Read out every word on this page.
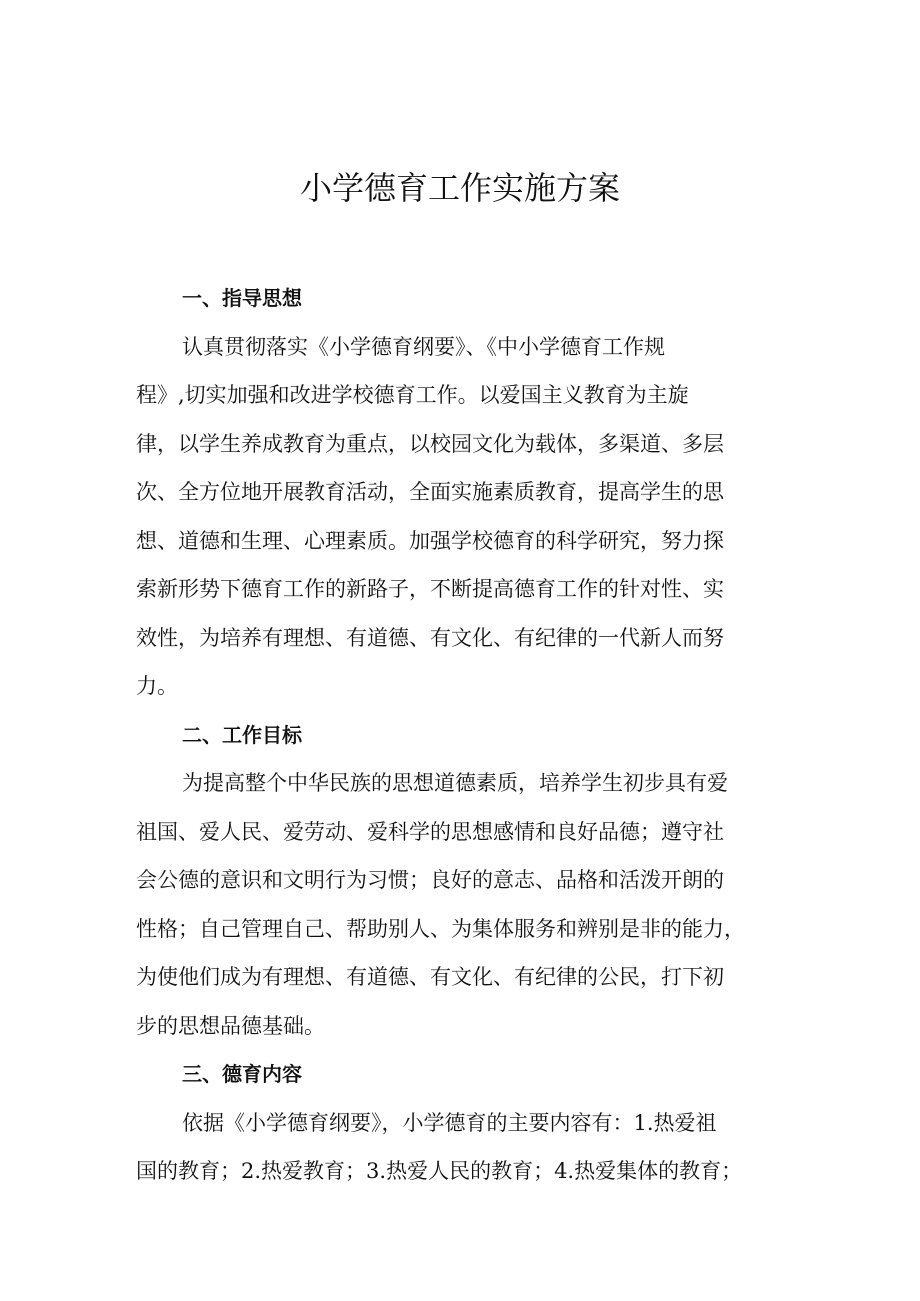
小学德育工作实施方案

一、指导思想

认真贯彻落实《小学德育纲要》、《中小学德育工作规

程》,切实加强和改进学校德育工作。以爱国主义教育为主旋

律，以学生养成教育为重点，以校园文化为载体，多渠道、多层

次、全方位地开展教育活动，全面实施素质教育，提高学生的思

想、道德和生理、心理素质。加强学校德育的科学研究，努力探

索新形势下德育工作的新路子，不断提高德育工作的针对性、实

效性，为培养有理想、有道德、有文化、有纪律的一代新人而努

力。

二、工作目标

为提高整个中华民族的思想道德素质，培养学生初步具有爱

祖国、爱人民、爱劳动、爱科学的思想感情和良好品德；遵守社

会公德的意识和文明行为习惯；良好的意志、品格和活泼开朗的

性格；自己管理自己、帮助别人、为集体服务和辨别是非的能力，

为使他们成为有理想、有道德、有文化、有纪律的公民，打下初

步的思想品德基础。

三、德育内容

依据《小学德育纲要》，小学德育的主要内容有：1.热爱祖

国的教育；2.热爱教育；3.热爱人民的教育；4.热爱集体的教育；
